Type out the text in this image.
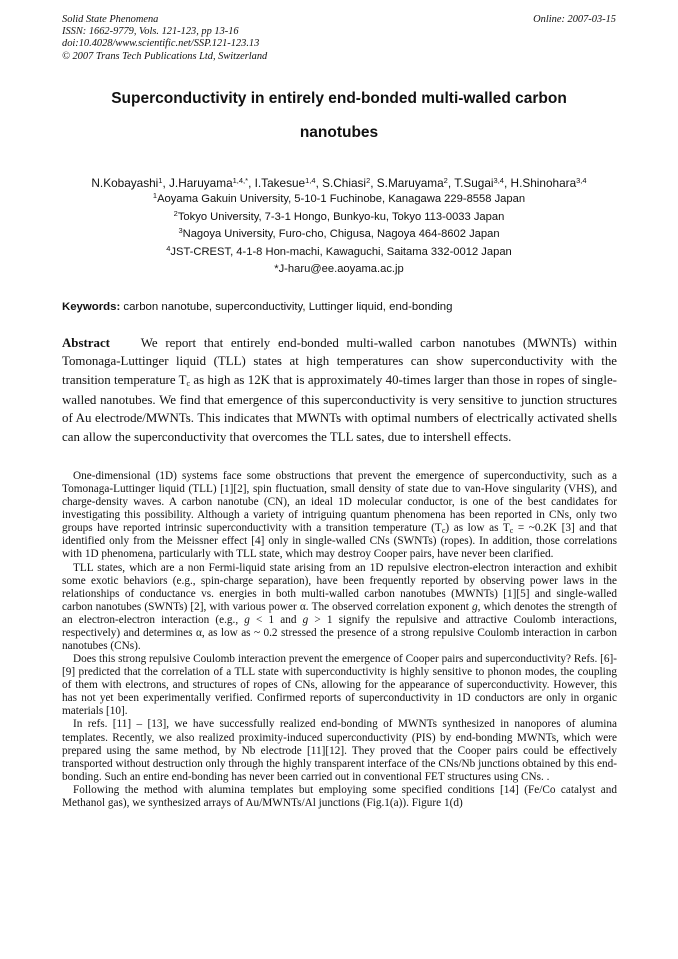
Solid State Phenomena
ISSN: 1662-9779, Vols. 121-123, pp 13-16
doi:10.4028/www.scientific.net/SSP.121-123.13
© 2007 Trans Tech Publications Ltd, Switzerland
Online: 2007-03-15
Superconductivity in entirely end-bonded multi-walled carbon
nanotubes
N.Kobayashi$^1$, J.Haruyama$^{1,4,*}$, I.Takesue$^{1,4}$, S.Chiasi$^2$, S.Maruyama$^2$, T.Sugai$^{3,4}$, H.Shinohara$^{3,4}$
$^1$Aoyama Gakuin University, 5-10-1 Fuchinobe, Kanagawa 229-8558 Japan
$^2$Tokyo University, 7-3-1 Hongo, Bunkyo-ku, Tokyo 113-0033 Japan
$^3$Nagoya University, Furo-cho, Chigusa, Nagoya 464-8602 Japan
$^4$JST-CREST, 4-1-8 Hon-machi, Kawaguchi, Saitama 332-0012 Japan
*J-haru@ee.aoyama.ac.jp
Keywords: carbon nanotube, superconductivity, Luttinger liquid, end-bonding
Abstract We report that entirely end-bonded multi-walled carbon nanotubes (MWNTs) within Tomonaga-Luttinger liquid (TLL) states at high temperatures can show superconductivity with the transition temperature $T_c$ as high as 12K that is approximately 40-times larger than those in ropes of single-walled nanotubes. We find that emergence of this superconductivity is very sensitive to junction structures of Au electrode/MWNTs. This indicates that MWNTs with optimal numbers of electrically activated shells can allow the superconductivity that overcomes the TLL sates, due to intershell effects.

One-dimensional (1D) systems face some obstructions that prevent the emergence of superconductivity, such as a Tomonaga-Luttinger liquid (TLL) [1][2], spin fluctuation, small density of state due to van-Hove singularity (VHS), and charge-density waves. A carbon nanotube (CN), an ideal 1D molecular conductor, is one of the best candidates for investigating this possibility. Although a variety of intriguing quantum phenomena has been reported in CNs, only two groups have reported intrinsic superconductivity with a transition temperature $(T_c)$ as low as $T_c$ = ~0.2K [3] and that identified only from the Meissner effect [4] only in single-walled CNs (SWNTs) (ropes). In addition, those correlations with 1D phenomena, particularly with TLL state, which may destroy Cooper pairs, have never been clarified.

TLL states, which are a non Fermi-liquid state arising from an 1D repulsive electron-electron interaction and exhibit some exotic behaviors (e.g., spin-charge separation), have been frequently reported by observing power laws in the relationships of conductance vs. energies in both multi-walled carbon nanotubes (MWNTs) [1][5] and single-walled carbon nanotubes (SWNTs) [2], with various power α. The observed correlation exponent g, which denotes the strength of an electron-electron interaction (e.g., g < 1 and g > 1 signify the repulsive and attractive Coulomb interactions, respectively) and determines α, as low as ~ 0.2 stressed the presence of a strong repulsive Coulomb interaction in carbon nanotubes (CNs).

Does this strong repulsive Coulomb interaction prevent the emergence of Cooper pairs and superconductivity? Refs. [6]-[9] predicted that the correlation of a TLL state with superconductivity is highly sensitive to phonon modes, the coupling of them with electrons, and structures of ropes of CNs, allowing for the appearance of superconductivity. However, this has not yet been experimentally verified. Confirmed reports of superconductivity in 1D conductors are only in organic materials [10].

In refs. [11] – [13], we have successfully realized end-bonding of MWNTs synthesized in nanopores of alumina templates. Recently, we also realized proximity-induced superconductivity (PIS) by end-bonding MWNTs, which were prepared using the same method, by Nb electrode [11][12]. They proved that the Cooper pairs could be effectively transported without destruction only through the highly transparent interface of the CNs/Nb junctions obtained by this end-bonding. Such an entire end-bonding has never been carried out in conventional FET structures using CNs. .

Following the method with alumina templates but employing some specified conditions [14] (Fe/Co catalyst and Methanol gas), we synthesized arrays of Au/MWNTs/Al junctions (Fig.1(a)). Figure 1(d)
